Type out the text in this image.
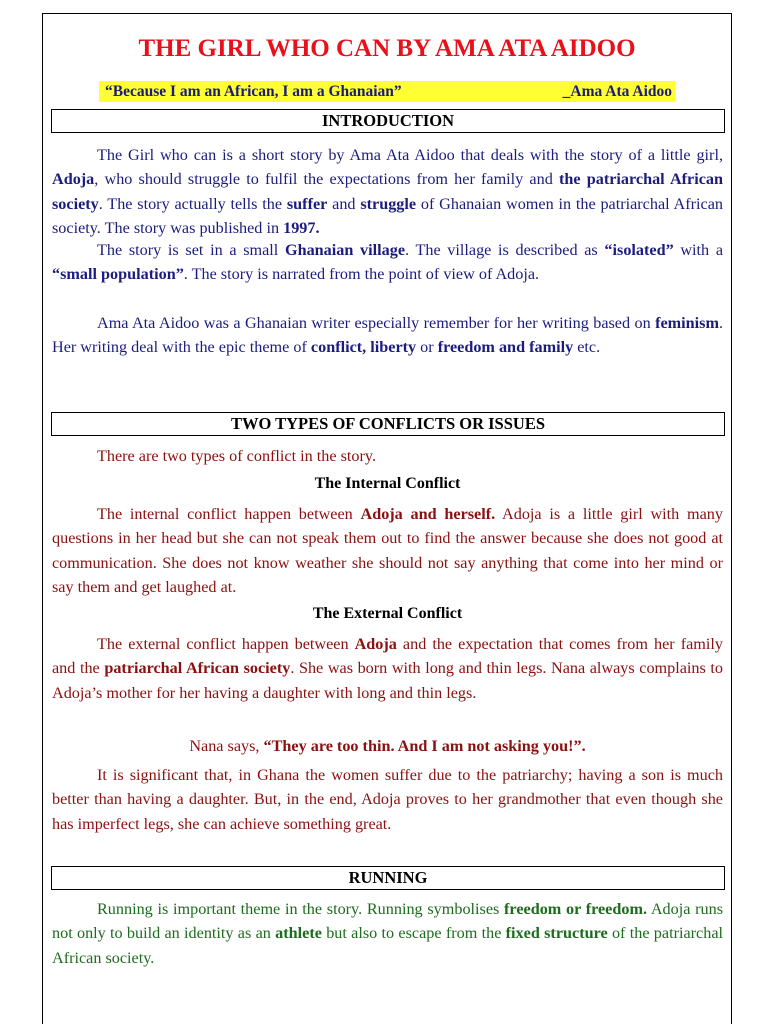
THE GIRL WHO CAN BY AMA ATA AIDOO
“Because I am an African, I am a Ghanaian”	_Ama Ata Aidoo
INTRODUCTION

The Girl who can is a short story by Ama Ata Aidoo that deals with the story of a little girl, Adoja, who should struggle to fulfil the expectations from her family and the patriarchal African society. The story actually tells the suffer and struggle of Ghanaian women in the patriarchal African society. The story was published in 1997.

The story is set in a small Ghanaian village. The village is described as “isolated” with a “small population”. The story is narrated from the point of view of Adoja.

Ama Ata Aidoo was a Ghanaian writer especially remember for her writing based on feminism. Her writing deal with the epic theme of conflict, liberty or freedom and family etc.

TWO TYPES OF CONFLICTS OR ISSUES

There are two types of conflict in the story.

The Internal Conflict

The internal conflict happen between Adoja and herself. Adoja is a little girl with many questions in her head but she can not speak them out to find the answer because she does not good at communication. She does not know weather she should not say anything that come into her mind or say them and get laughed at.

The External Conflict

The external conflict happen between Adoja and the expectation that comes from her family and the patriarchal African society. She was born with long and thin legs. Nana always complains to Adoja’s mother for her having a daughter with long and thin legs.

Nana says, “They are too thin. And I am not asking you!”.

It is significant that, in Ghana the women suffer due to the patriarchy; having a son is much better than having a daughter. But, in the end, Adoja proves to her grandmother that even though she has imperfect legs, she can achieve something great.

RUNNING

Running is important theme in the story. Running symbolises freedom or freedom. Adoja runs not only to build an identity as an athlete but also to escape from the fixed structure of the patriarchal African society.
